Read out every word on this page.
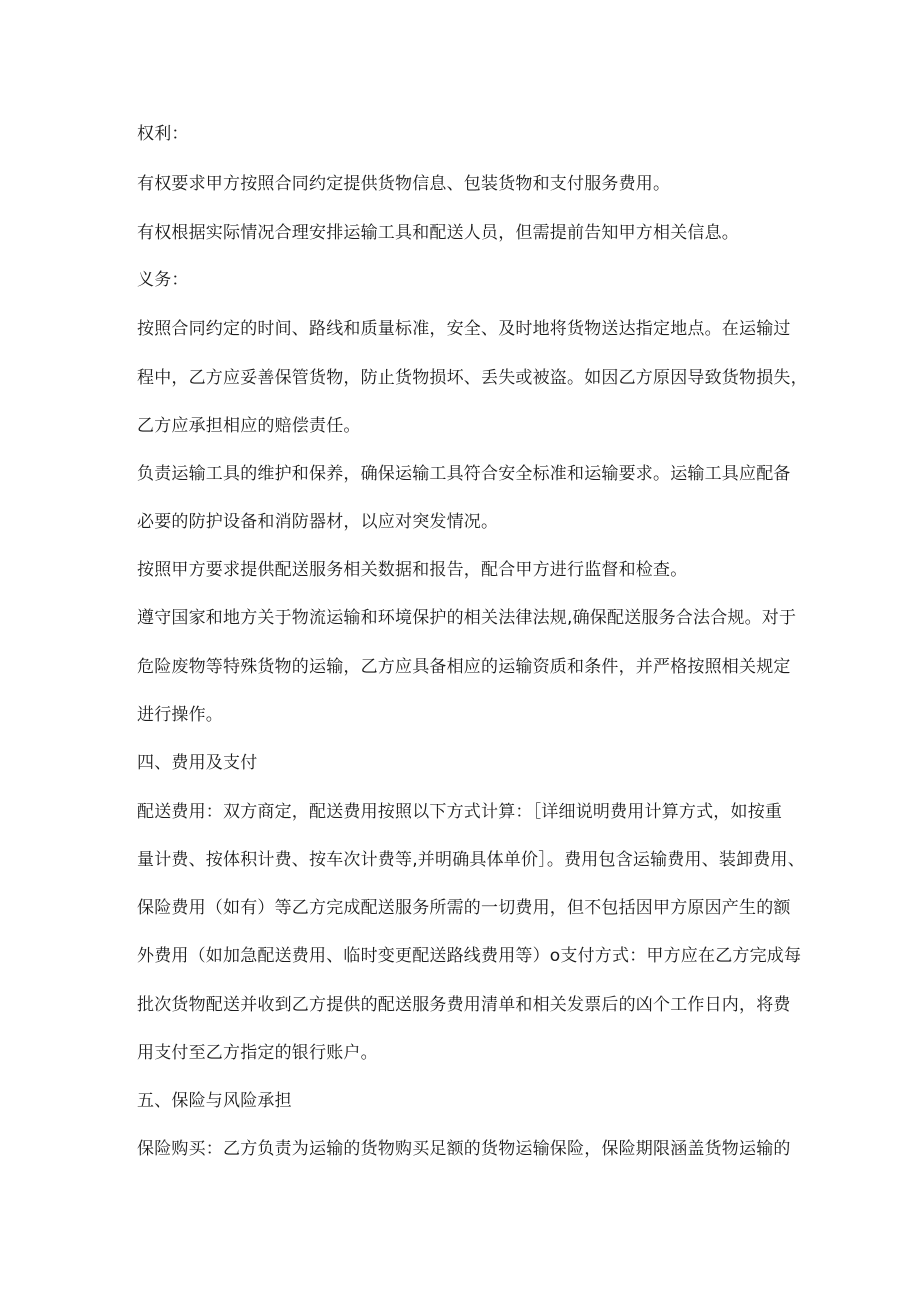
权利：
有权要求甲方按照合同约定提供货物信息、包装货物和支付服务费用。
有权根据实际情况合理安排运输工具和配送人员，但需提前告知甲方相关信息。
义务：
按照合同约定的时间、路线和质量标准，安全、及时地将货物送达指定地点。在运输过
程中，乙方应妥善保管货物，防止货物损坏、丢失或被盗。如因乙方原因导致货物损失，
乙方应承担相应的赔偿责任。
负责运输工具的维护和保养，确保运输工具符合安全标准和运输要求。运输工具应配备
必要的防护设备和消防器材，以应对突发情况。
按照甲方要求提供配送服务相关数据和报告，配合甲方进行监督和检查。
遵守国家和地方关于物流运输和环境保护的相关法律法规,确保配送服务合法合规。对于
危险废物等特殊货物的运输，乙方应具备相应的运输资质和条件，并严格按照相关规定
进行操作。
四、费用及支付
配送费用：双方商定，配送费用按照以下方式计算：［详细说明费用计算方式，如按重
量计费、按体积计费、按车次计费等,并明确具体单价］。费用包含运输费用、装卸费用、
保险费用（如有）等乙方完成配送服务所需的一切费用，但不包括因甲方原因产生的额
外费用（如加急配送费用、临时变更配送路线费用等）o支付方式：甲方应在乙方完成每
批次货物配送并收到乙方提供的配送服务费用清单和相关发票后的凶个工作日内，将费
用支付至乙方指定的银行账户。
五、保险与风险承担
保险购买：乙方负责为运输的货物购买足额的货物运输保险，保险期限涵盖货物运输的
